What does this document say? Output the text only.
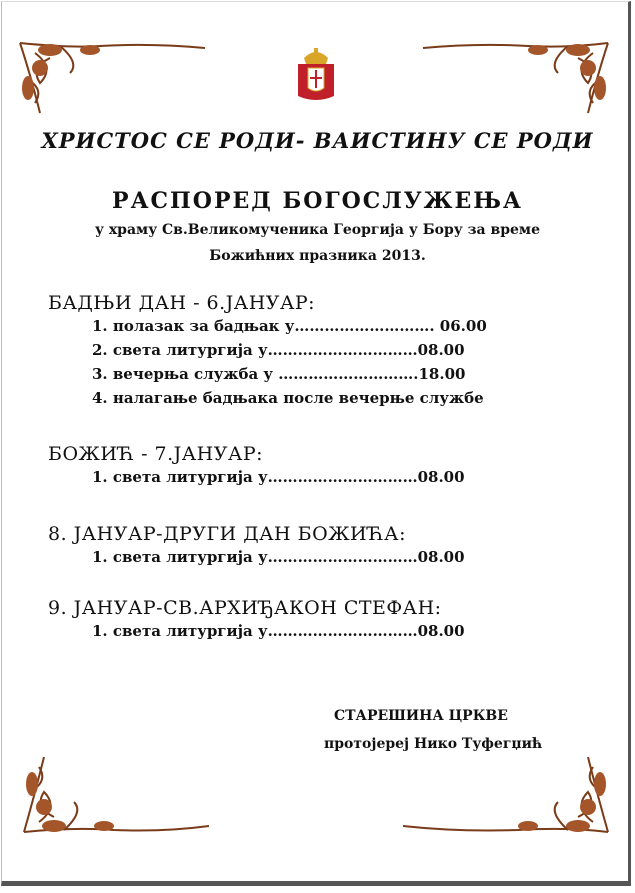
ХРИСТОС СЕ РОДИ- ВАИСТИНУ СЕ РОДИ
РАСПОРЕД БОГОСЛУЖЕЊА
у храму Св.Великомученика Георгија у Бору за време
Божићних празника 2013.
БАДЊИ ДАН - 6.ЈАНУАР:
1. полазак за бадњак у………………………. 06.00
2. света литургија у…………………………08.00
3. вечерња служба у ……………………….18.00
4. налагање бадњака после вечерње службе
БОЖИЋ - 7.ЈАНУАР:
1. света литургија у…………………………08.00
8. ЈАНУАР-ДРУГИ ДАН БОЖИЋА:
1. света литургија у…………………………08.00
9. ЈАНУАР-СВ.АРХИЂАКОН СТЕФАН:
1. света литургија у…………………………08.00
СТАРЕШИНА ЦРКВЕ
протојереј Нико Туфегџић
